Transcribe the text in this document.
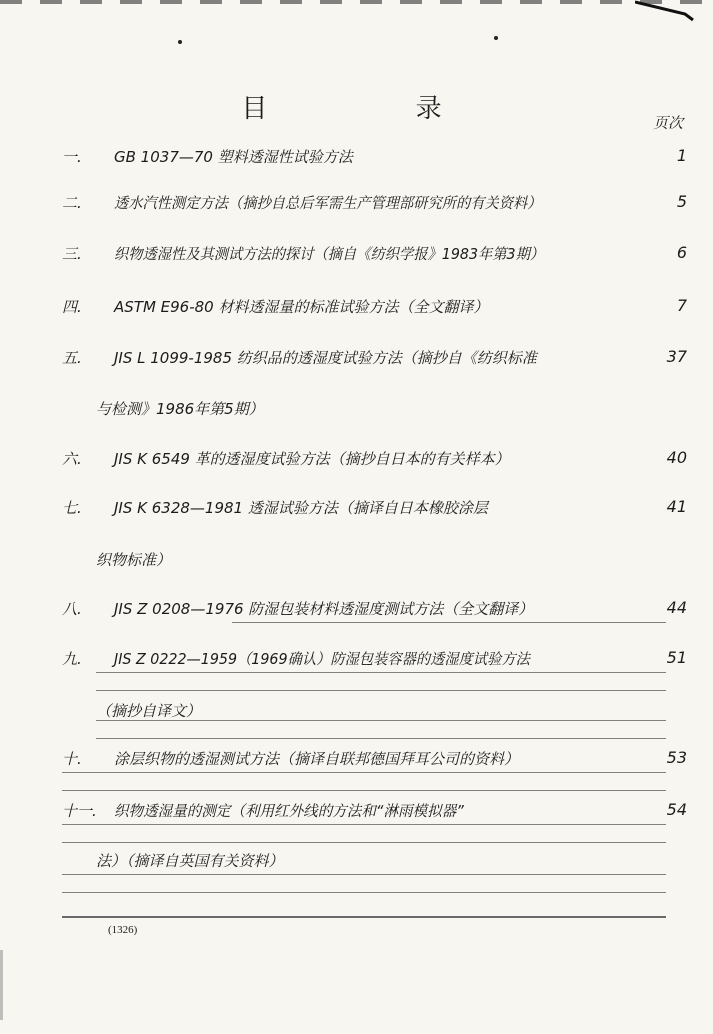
目 录	页次
一. GB 1037—70 塑料透湿性试验方法	1
二. 透水汽性测定方法（摘抄自总后军需生产管理部研究所的有关资料）	5
三. 织物透湿性及其测试方法的探讨（摘自《纺织学报》1983年第3期）	6
四. ASTM E96-80 材料透湿量的标准试验方法（全文翻译）	7
五. JIS L 1099-1985 纺织品的透湿度试验方法（摘抄自《纺织标准	37
与检测》1986年第5期）
六. JIS K 6549 革的透湿度试验方法（摘抄自日本的有关样本）	40
七. JIS K 6328—1981 透湿试验方法（摘译自日本橡胶涂层	41
织物标准）
八. JIS Z 0208—1976 防湿包装材料透湿度测试方法（全文翻译）	44
九. JIS Z 0222—1959（1969确认）防湿包装容器的透湿度试验方法	51
（摘抄自译文）
十. 涂层织物的透湿测试方法（摘译自联邦德国拜耳公司的资料）	53
十一. 织物透湿量的测定（利用红外线的方法和“淋雨模拟器”	54
法）（摘译自英国有关资料）
(1326)
